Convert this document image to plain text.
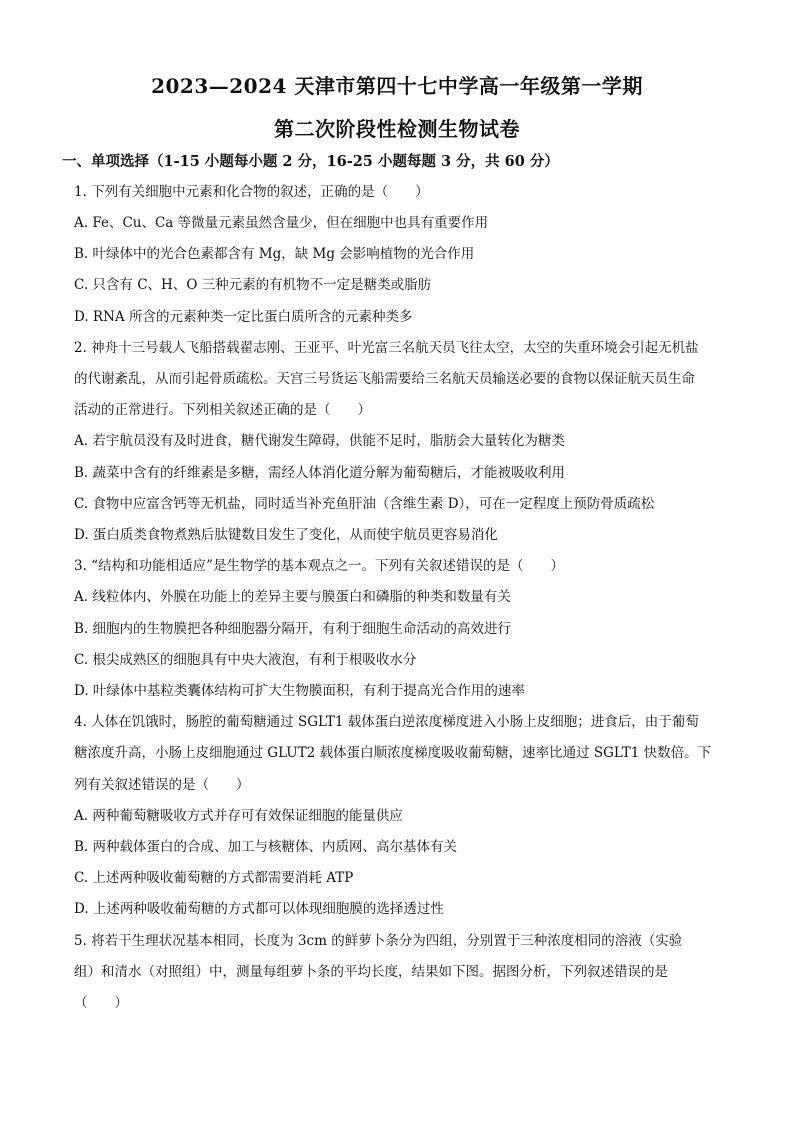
2023—2024 天津市第四十七中学高一年级第一学期
第二次阶段性检测生物试卷
一、单项选择（1-15 小题每小题 2 分，16-25 小题每题 3 分，共 60 分）
1. 下列有关细胞中元素和化合物的叙述，正确的是（　　）
A. Fe、Cu、Ca 等微量元素虽然含量少，但在细胞中也具有重要作用
B. 叶绿体中的光合色素都含有 Mg，缺 Mg 会影响植物的光合作用
C. 只含有 C、H、O 三种元素的有机物不一定是糖类或脂肪
D. RNA 所含的元素种类一定比蛋白质所含的元素种类多
2. 神舟十三号载人飞船搭载翟志刚、王亚平、叶光富三名航天员飞往太空，太空的失重环境会引起无机盐
的代谢紊乱，从而引起骨质疏松。天宫三号货运飞船需要给三名航天员输送必要的食物以保证航天员生命
活动的正常进行。下列相关叙述正确的是（　　）
A. 若宇航员没有及时进食，糖代谢发生障碍，供能不足时，脂肪会大量转化为糖类
B. 蔬菜中含有的纤维素是多糖，需经人体消化道分解为葡萄糖后，才能被吸收利用
C. 食物中应富含钙等无机盐，同时适当补充鱼肝油（含维生素 D），可在一定程度上预防骨质疏松
D. 蛋白质类食物煮熟后肽键数目发生了变化，从而使宇航员更容易消化
3. “结构和功能相适应”是生物学的基本观点之一。下列有关叙述错误的是（　　）
A. 线粒体内、外膜在功能上的差异主要与膜蛋白和磷脂的种类和数量有关
B. 细胞内的生物膜把各种细胞器分隔开，有利于细胞生命活动的高效进行
C. 根尖成熟区的细胞具有中央大液泡，有利于根吸收水分
D. 叶绿体中基粒类囊体结构可扩大生物膜面积，有利于提高光合作用的速率
4. 人体在饥饿时，肠腔的葡萄糖通过 SGLT1 载体蛋白逆浓度梯度进入小肠上皮细胞；进食后，由于葡萄
糖浓度升高，小肠上皮细胞通过 GLUT2 载体蛋白顺浓度梯度吸收葡萄糖，速率比通过 SGLT1 快数倍。下
列有关叙述错误的是（　　）
A. 两种葡萄糖吸收方式并存可有效保证细胞的能量供应
B. 两种载体蛋白的合成、加工与核糖体、内质网、高尔基体有关
C. 上述两种吸收葡萄糖的方式都需要消耗 ATP
D. 上述两种吸收葡萄糖的方式都可以体现细胞膜的选择透过性
5. 将若干生理状况基本相同，长度为 3cm 的鲜萝卜条分为四组，分别置于三种浓度相同的溶液（实验
组）和清水（对照组）中，测量每组萝卜条的平均长度，结果如下图。据图分析，下列叙述错误的是
（　　）
